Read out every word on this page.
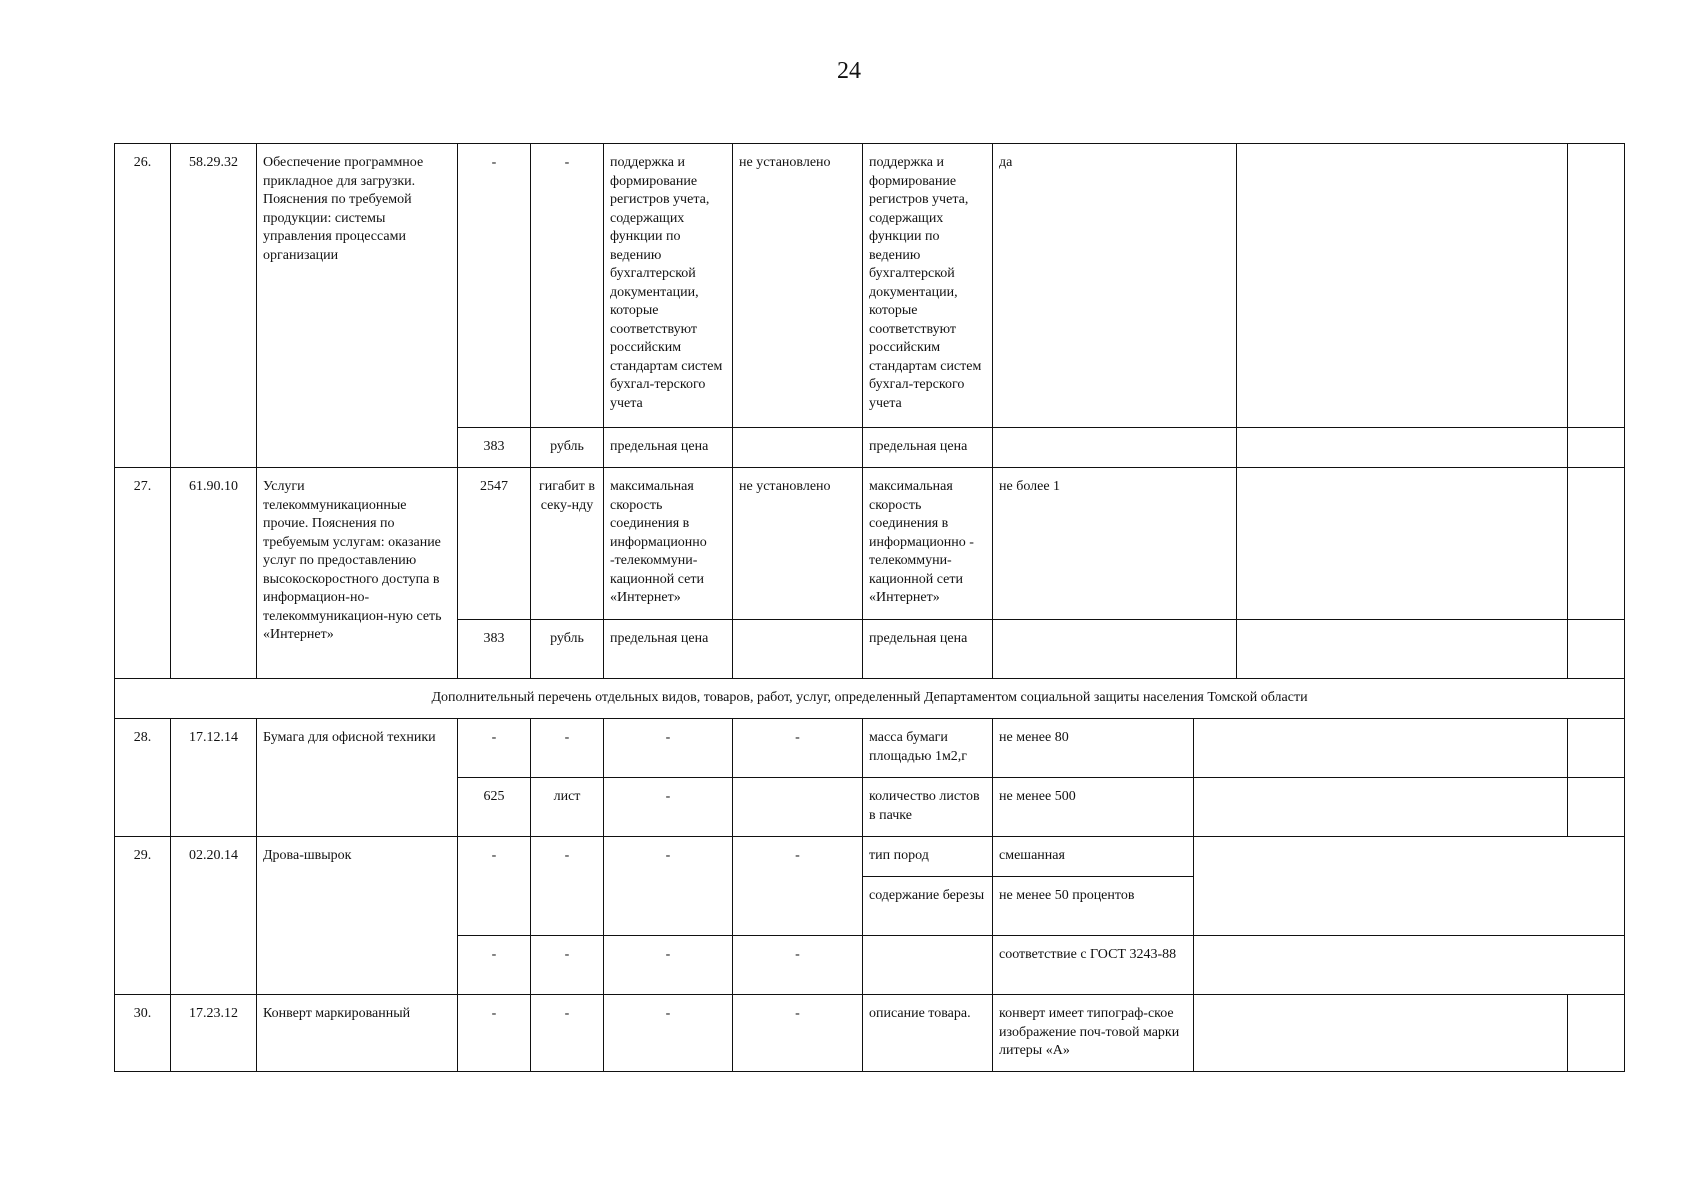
24
26.	58.29.32	Обеспечение программное прикладное для загрузки. Пояснения по требуемой продукции: системы управления процессами организации	-	-	поддержка и формирование регистров учета, содержащих функции по ведению бухгалтерской документации, которые соответствуют российским стандартам систем бухгал-терского учета	не установлено	поддержка и формирование регистров учета, содержащих функции по ведению бухгалтерской документации, которые соответствуют российским стандартам систем бухгал-терского учета	да			
			383	рубль	предельная цена		предельная цена				
27.	61.90.10	Услуги телекоммуникационные прочие. Пояснения по требуемым услугам: оказание услуг по предоставлению высокоскоростного доступа в информацион-но-телекоммуникацион-ную сеть «Интернет»	2547	гигабит в секу-нду	максимальная скорость соединения в информационно -телекоммуни-кационной сети «Интернет»	не установлено	максимальная скорость соединения в информационно - телекоммуни-кационной сети «Интернет»	не более 1			
			383	рубль	предельная цена		предельная цена				
Дополнительный перечень отдельных видов, товаров, работ, услуг, определенный Департаментом социальной защиты населения Томской области											
28.	17.12.14	Бумага для офисной техники	-	-	-	-	масса бумаги площадью 1м2,г	не менее 80			
			625	лист	-		количество листов в пачке	не менее 500			
29.	02.20.14	Дрова-швырок	-	-	-	-	тип пород	смешанная			
							содержание березы	не менее 50 процентов			
			-	-	-	-		соответствие с ГОСТ 3243-88			
30.	17.23.12	Конверт маркированный	-	-	-	-	описание товара.	конверт имеет типограф-ское изображение поч-товой марки литеры «А»			
